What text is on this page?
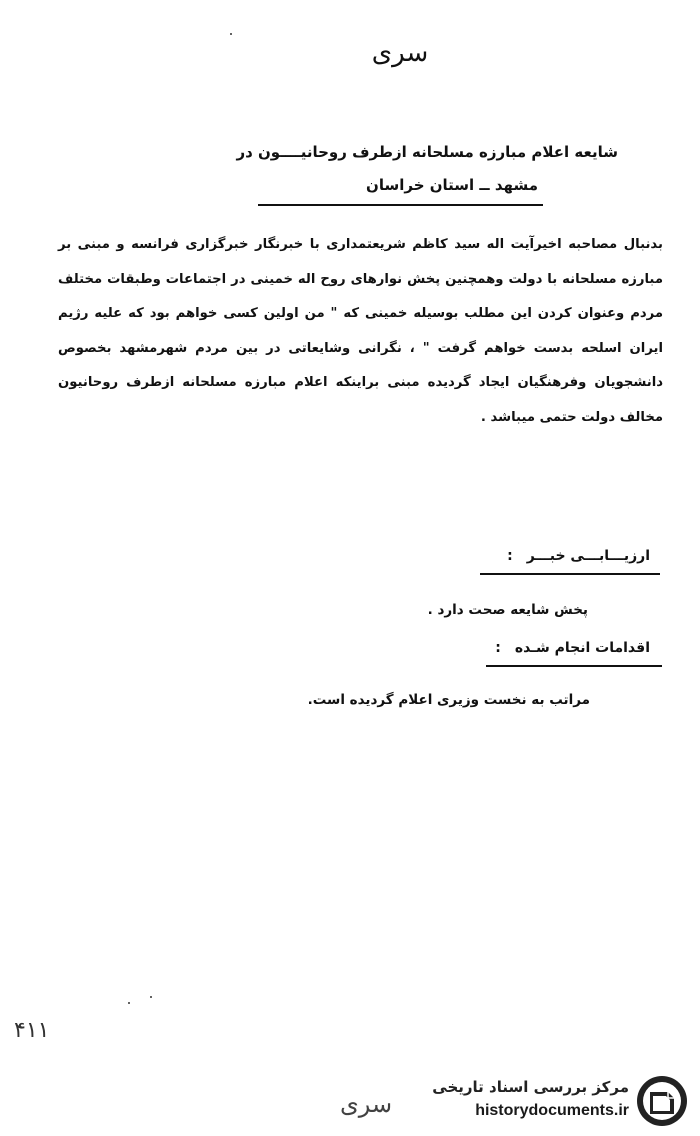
سری
شایعه اعلام مبارزه مسلحانه ازطرف روحانیــــون در
مشهد ــ استان خراسان
بدنبال مصاحبه اخیرآیت اله سید کاظم شریعتمداری با خبرنگار خبرگزاری فرانسه و مبنی بر مبارزه مسلحانه با دولت وهمچنین پخش نوارهای روح اله خمینی در اجتماعات وطبقات مختلف مردم وعنوان کردن این مطلب بوسیله خمینی که " من اولین کسی خواهم بود که علیه رژیم ایران اسلحه بدست خواهم گرفت " ، نگرانی وشایعاتی در بین مردم شهرمشهد بخصوص دانشجویان وفرهنگیان ایجاد گردیده مبنی براینکه اعلام مبارزه مسلحانه ازطرف روحانیون مخالف دولت حتمی میباشد .
ارزیـــابـــی خبـــر:
پخش شایعه صحت دارد .
اقدامات انجام شـده:
مراتب به نخست وزیری اعلام گردیده است.
۴۱۱
سری
مرکز بررسی اسناد تاریخی
historydocuments.ir
